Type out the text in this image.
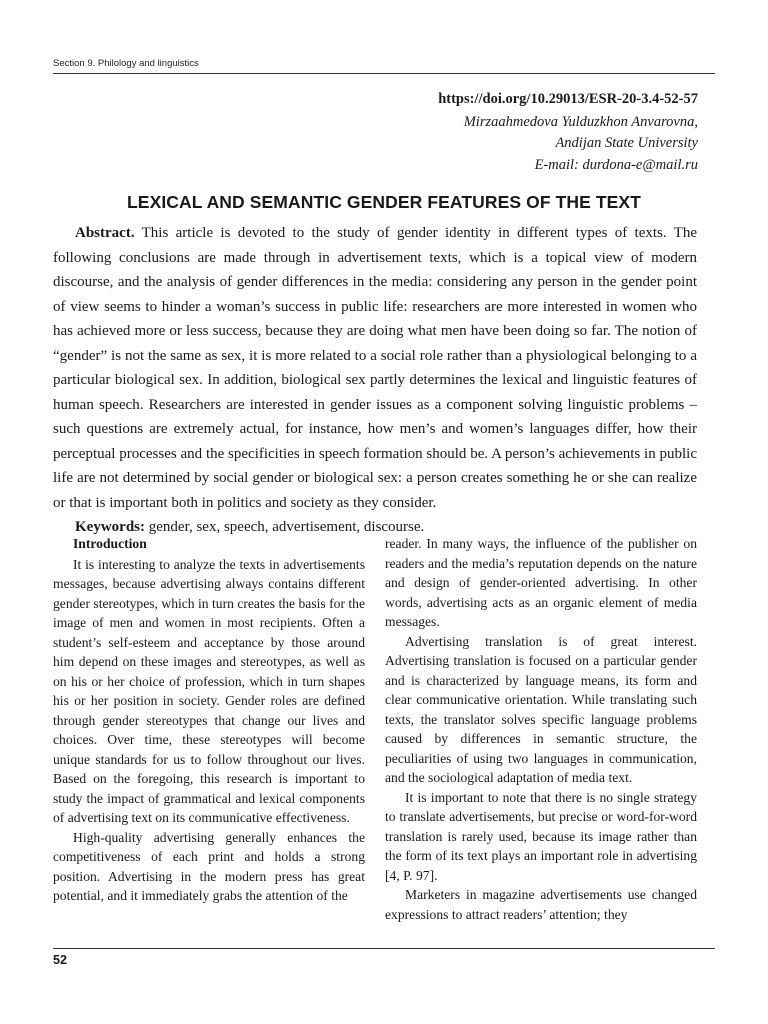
Section 9. Philology and linguistics
https://doi.org/10.29013/ESR-20-3.4-52-57
Mirzaahmedova Yulduzkhon Anvarovna,
Andijan State University
E-mail: durdona-e@mail.ru
LEXICAL AND SEMANTIC GENDER FEATURES OF THE TEXT

Abstract. This article is devoted to the study of gender identity in different types of texts. The following conclusions are made through in advertisement texts, which is a topical view of modern discourse, and the analysis of gender differences in the media: considering any person in the gender point of view seems to hinder a woman’s success in public life: researchers are more interested in women who has achieved more or less success, because they are doing what men have been doing so far. The notion of “gender” is not the same as sex, it is more related to a social role rather than a physiological belonging to a particular biological sex. In addition, biological sex partly determines the lexical and linguistic features of human speech. Researchers are interested in gender issues as a component solving linguistic problems – such questions are extremely actual, for instance, how men’s and women’s languages differ, how their perceptual processes and the specificities in speech formation should be. A person’s achievements in public life are not determined by social gender or biological sex: a person creates something he or she can realize or that is important both in politics and society as they consider.

Keywords: gender, sex, speech, advertisement, discourse.

Introduction

It is interesting to analyze the texts in advertisements messages, because advertising always contains different gender stereotypes, which in turn creates the basis for the image of men and women in most recipients. Often a student’s self-esteem and acceptance by those around him depend on these images and stereotypes, as well as on his or her choice of profession, which in turn shapes his or her position in society. Gender roles are defined through gender stereotypes that change our lives and choices. Over time, these stereotypes will become unique standards for us to follow throughout our lives. Based on the foregoing, this research is important to study the impact of grammatical and lexical components of advertising text on its communicative effectiveness.

High-quality advertising generally enhances the competitiveness of each print and holds a strong position. Advertising in the modern press has great potential, and it immediately grabs the attention of the

reader. In many ways, the influence of the publisher on readers and the media’s reputation depends on the nature and design of gender-oriented advertising. In other words, advertising acts as an organic element of media messages.

Advertising translation is of great interest. Advertising translation is focused on a particular gender and is characterized by language means, its form and clear communicative orientation. While translating such texts, the translator solves specific language problems caused by differences in semantic structure, the peculiarities of using two languages in communication, and the sociological adaptation of media text.

It is important to note that there is no single strategy to translate advertisements, but precise or word-for-word translation is rarely used, because its image rather than the form of its text plays an important role in advertising [4, P. 97].

Marketers in magazine advertisements use changed expressions to attract readers’ attention; they

52
